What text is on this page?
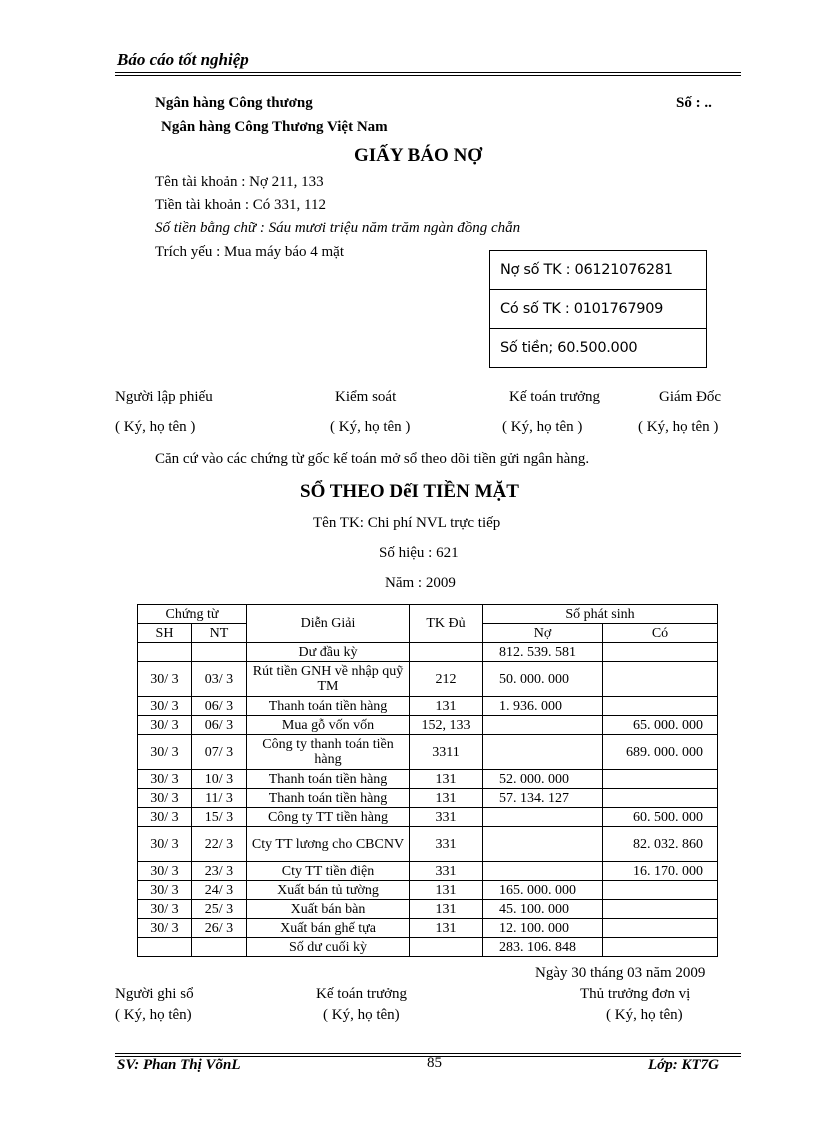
Báo cáo tốt nghiệp
Ngân hàng Công thương	Số : ..
Ngân hàng Công Thương Việt Nam
GIẤY BÁO NỢ
Tên tài khoản : Nợ 211, 133
Tiền tài khoản : Có 331, 112
Số tiền bằng chữ : Sáu mươi triệu năm trăm ngàn đồng chẵn
Trích yếu : Mua máy báo 4 mặt
Nợ số TK : 06121076281
Có số TK : 0101767909
Số tiền; 60.500.000
Người lập phiếu	Kiểm soát	Kế toán trưởng	Giám Đốc
( Ký, họ tên )	( Ký, họ tên )	( Ký, họ tên )	( Ký, họ tên )
Căn cứ vào các chứng từ gốc kế toán mở sổ theo dõi tiền gửi ngân hàng.
SỔ THEO DếI TIỀN MẶT
Tên TK: Chi phí NVL trực tiếp
Số hiệu : 621
Năm : 2009
Chứng từ		Diễn Giải	TK Đủ	Số phát sinh	
SH	NT			Nợ	Có
		Dư đầu kỳ		812. 539. 581	
30/ 3	03/ 3	Rút tiền GNH về nhập quỹ TM	212	50. 000. 000	
30/ 3	06/ 3	Thanh toán tiền hàng	131	1. 936. 000	
30/ 3	06/ 3	Mua gỗ vốn vốn	152, 133		65. 000. 000
30/ 3	07/ 3	Công ty thanh toán tiền hàng	3311		689. 000. 000
30/ 3	10/ 3	Thanh toán tiền hàng	131	52. 000. 000	
30/ 3	11/ 3	Thanh toán tiền hàng	131	57. 134. 127	
30/ 3	15/ 3	Công ty TT tiền hàng	331		60. 500. 000
30/ 3	22/ 3	Cty TT lương cho CBCNV	331		82. 032. 860
30/ 3	23/ 3	Cty TT tiền điện	331		16. 170. 000
30/ 3	24/ 3	Xuất bán tủ tường	131	165. 000. 000	
30/ 3	25/ 3	Xuất bán bàn	131	45. 100. 000	
30/ 3	26/ 3	Xuất bán ghế tựa	131	12. 100. 000	
		Số dư cuối kỳ		283. 106. 848	
Ngày 30 tháng 03 năm 2009
Người ghi sổ	Kế toán trưởng	Thủ trưởng đơn vị
( Ký, họ tên)	( Ký, họ tên)	( Ký, họ tên)
SV: Phan Thị VõnL	85	Lớp: KT7G
